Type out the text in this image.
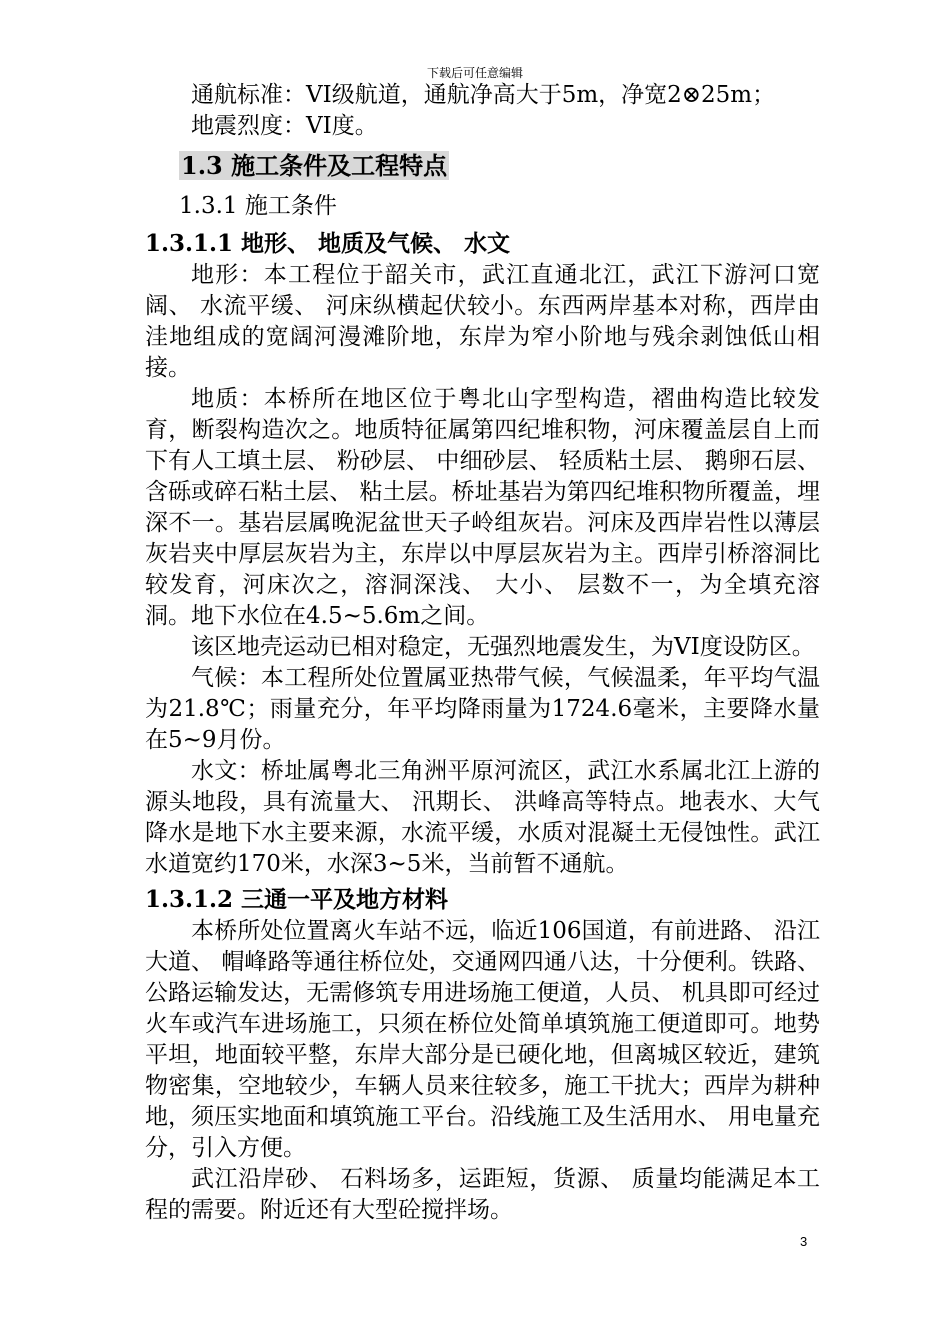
下载后可任意编辑

通航标准：VI级航道，通航净高大于5m，净宽2⊗25m；

地震烈度：VI度。

1.3 施工条件及工程特点
1.3.1 施工条件
1.3.1.1 地形、 地质及气候、 水文

地形：本工程位于韶关市，武江直通北江，武江下游河口宽阔、 水流平缓、 河床纵横起伏较小。东西两岸基本对称，西岸由洼地组成的宽阔河漫滩阶地，东岸为窄小阶地与残余剥蚀低山相接。

地质：本桥所在地区位于粤北山字型构造，褶曲构造比较发育，断裂构造次之。地质特征属第四纪堆积物，河床覆盖层自上而下有人工填土层、 粉砂层、 中细砂层、 轻质粘土层、 鹅卵石层、 含砾或碎石粘土层、 粘土层。桥址基岩为第四纪堆积物所覆盖，埋深不一。基岩层属晚泥盆世天子岭组灰岩。河床及西岸岩性以薄层灰岩夹中厚层灰岩为主，东岸以中厚层灰岩为主。西岸引桥溶洞比较发育，河床次之，溶洞深浅、 大小、 层数不一，为全填充溶洞。地下水位在4.5~5.6m之间。

该区地壳运动已相对稳定，无强烈地震发生，为VI度设防区。

气候：本工程所处位置属亚热带气候，气候温柔，年平均气温为21.8℃；雨量充分，年平均降雨量为1724.6毫米，主要降水量在5~9月份。

水文：桥址属粤北三角洲平原河流区，武江水系属北江上游的源头地段，具有流量大、 汛期长、 洪峰高等特点。地表水、大气降水是地下水主要来源，水流平缓，水质对混凝土无侵蚀性。武江水道宽约170米，水深3~5米，当前暂不通航。

1.3.1.2 三通一平及地方材料

本桥所处位置离火车站不远，临近106国道，有前进路、 沿江大道、 帽峰路等通往桥位处，交通网四通八达，十分便利。铁路、 公路运输发达，无需修筑专用进场施工便道，人员、 机具即可经过火车或汽车进场施工，只须在桥位处简单填筑施工便道即可。地势平坦，地面较平整，东岸大部分是已硬化地，但离城区较近，建筑物密集，空地较少，车辆人员来往较多，施工干扰大；西岸为耕种地，须压实地面和填筑施工平台。沿线施工及生活用水、 用电量充分，引入方便。

武江沿岸砂、 石料场多，运距短，货源、 质量均能满足本工程的需要。附近还有大型砼搅拌场。

3
